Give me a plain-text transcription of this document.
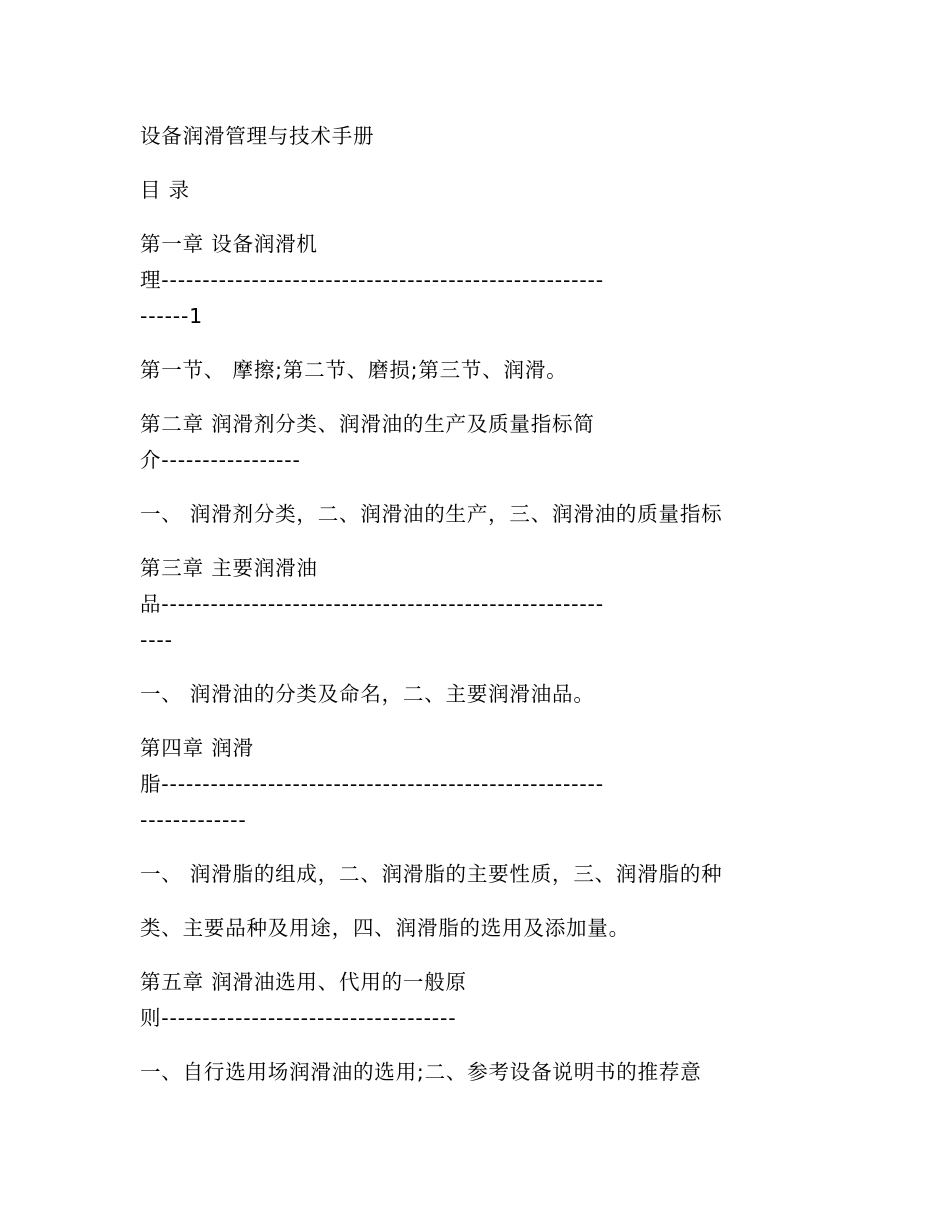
设备润滑管理与技术手册
目 录
第一章 设备润滑机
理------------------------------------------------------
------1
第一节、 摩擦;第二节、磨损;第三节、润滑。
第二章 润滑剂分类、润滑油的生产及质量指标简
介-----------------
一、 润滑剂分类，二、润滑油的生产，三、润滑油的质量指标
第三章 主要润滑油
品------------------------------------------------------
----
一、 润滑油的分类及命名，二、主要润滑油品。
第四章 润滑
脂------------------------------------------------------
-------------
一、 润滑脂的组成，二、润滑脂的主要性质，三、润滑脂的种
类、主要品种及用途，四、润滑脂的选用及添加量。
第五章 润滑油选用、代用的一般原
则------------------------------------
一、自行选用场润滑油的选用;二、参考设备说明书的推荐意
